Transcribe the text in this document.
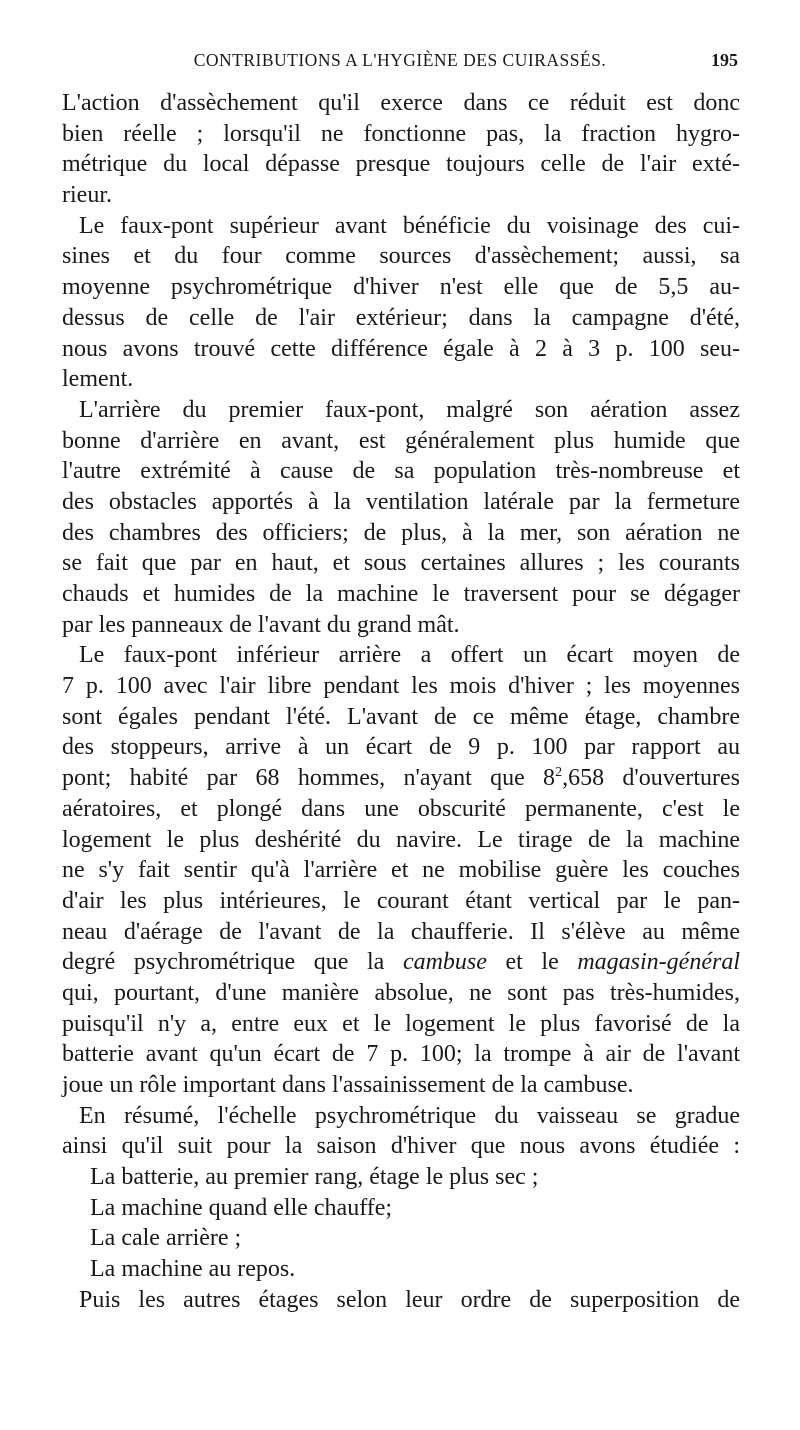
CONTRIBUTIONS A L'HYGIÈNE DES CUIRASSÉS.	195
L'action d'assèchement qu'il exerce dans ce réduit est donc
bien réelle ; lorsqu'il ne fonctionne pas, la fraction hygro-
métrique du local dépasse presque toujours celle de l'air exté-
rieur.
Le faux-pont supérieur avant bénéficie du voisinage des cui-
sines et du four comme sources d'assèchement; aussi, sa
moyenne psychrométrique d'hiver n'est elle que de 5,5 au-
dessus de celle de l'air extérieur; dans la campagne d'été,
nous avons trouvé cette différence égale à 2 à 3 p. 100 seu-
lement.
L'arrière du premier faux-pont, malgré son aération assez
bonne d'arrière en avant, est généralement plus humide que
l'autre extrémité à cause de sa population très-nombreuse et
des obstacles apportés à la ventilation latérale par la fermeture
des chambres des officiers; de plus, à la mer, son aération ne
se fait que par en haut, et sous certaines allures ; les courants
chauds et humides de la machine le traversent pour se dégager
par les panneaux de l'avant du grand mât.
Le faux-pont inférieur arrière a offert un écart moyen de
7 p. 100 avec l'air libre pendant les mois d'hiver ; les moyennes
sont égales pendant l'été. L'avant de ce même étage, chambre
des stoppeurs, arrive à un écart de 9 p. 100 par rapport au
pont; habité par 68 hommes, n'ayant que $8^2,658$ d'ouvertures
aératoires, et plongé dans une obscurité permanente, c'est le
logement le plus deshérité du navire. Le tirage de la machine
ne s'y fait sentir qu'à l'arrière et ne mobilise guère les couches
d'air les plus intérieures, le courant étant vertical par le pan-
neau d'aérage de l'avant de la chaufferie. Il s'élève au même
degré psychrométrique que la cambuse et le magasin-général
qui, pourtant, d'une manière absolue, ne sont pas très-humides,
puisqu'il n'y a, entre eux et le logement le plus favorisé de la
batterie avant qu'un écart de 7 p. 100; la trompe à air de l'avant
joue un rôle important dans l'assainissement de la cambuse.
En résumé, l'échelle psychrométrique du vaisseau se gradue
ainsi qu'il suit pour la saison d'hiver que nous avons étudiée :
La batterie, au premier rang, étage le plus sec ;
La machine quand elle chauffe;
La cale arrière ;
La machine au repos.
Puis les autres étages selon leur ordre de superposition de
